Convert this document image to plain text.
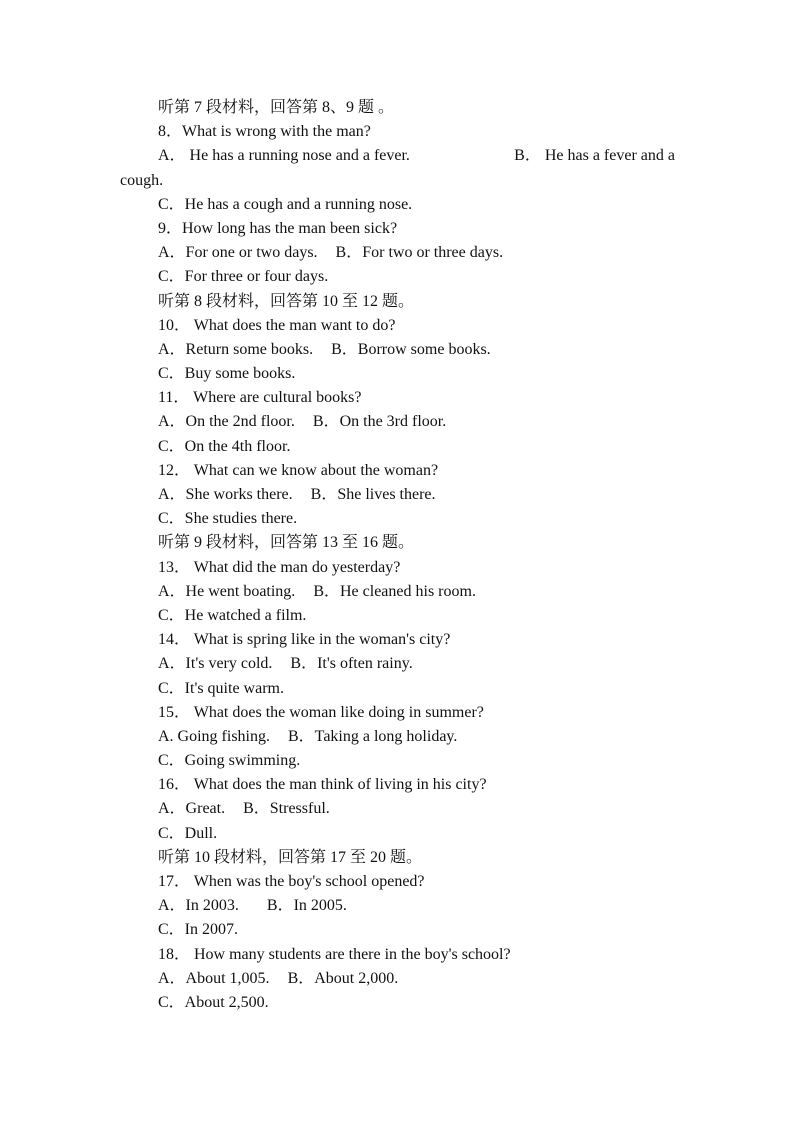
听第 7 段材料，回答第 8、9 题 。
8．What is wrong with the man?
A． He has a running nose and a fever.	B． He has a fever and a
cough.
C．He has a cough and a running nose.
9．How long has the man been sick?
A．For one or two days. B．For two or three days.
C．For three or four days.
听第 8 段材料，回答第 10 至 12 题。
10． What does the man want to do?
A．Return some books. B．Borrow some books.
C．Buy some books.
11． Where are cultural books?
A．On the 2nd floor. B．On the 3rd floor.
C．On the 4th floor.
12． What can we know about the woman?
A．She works there. B．She lives there.
C．She studies there.
听第 9 段材料，回答第 13 至 16 题。
13． What did the man do yesterday?
A．He went boating. B．He cleaned his room.
C．He watched a film.
14． What is spring like in the woman's city?
A．It's very cold. B．It's often rainy.
C．It's quite warm.
15． What does the woman like doing in summer?
A. Going fishing. B．Taking a long holiday.
C．Going swimming.
16． What does the man think of living in his city?
A．Great. B．Stressful.
C．Dull.
听第 10 段材料，回答第 17 至 20 题。
17． When was the boy's school opened?
A．In 2003. B．In 2005.
C．In 2007.
18． How many students are there in the boy's school?
A．About 1,005. B．About 2,000.
C．About 2,500.
